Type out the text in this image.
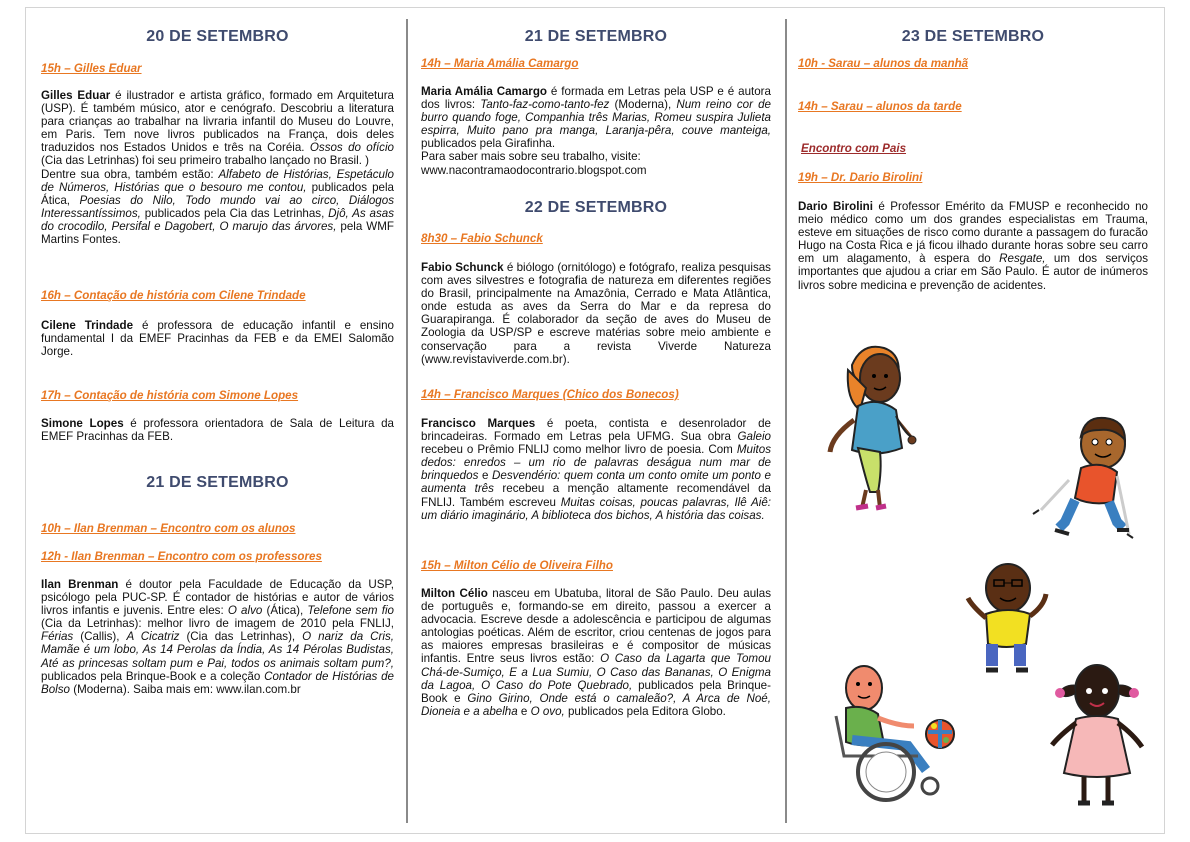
20 DE SETEMBRO
15h – Gilles Eduar
Gilles Eduar é ilustrador e artista gráfico, formado em Arquitetura (USP). É também músico, ator e cenógrafo. Descobriu a literatura para crianças ao trabalhar na livraria infantil do Museu do Louvre, em Paris. Tem nove livros publicados na França, dois deles traduzidos nos Estados Unidos e três na Coréia. Ossos do ofício (Cia das Letrinhas) foi seu primeiro trabalho lançado no Brasil. )
Dentre sua obra, também estão: Alfabeto de Histórias, Espetáculo de Números, Histórias que o besouro me contou, publicados pela Ática, Poesias do Nilo, Todo mundo vai ao circo, Diálogos Interessantíssimos, publicados pela Cia das Letrinhas, Djô, As asas do crocodilo, Persifal e Dagobert, O marujo das árvores, pela WMF Martins Fontes.
16h – Contação de história com Cilene Trindade
Cilene Trindade é professora de educação infantil e ensino fundamental I da EMEF Pracinhas da FEB e da EMEI Salomão Jorge.
17h – Contação de história com Simone Lopes
Simone Lopes é professora orientadora de Sala de Leitura da EMEF Pracinhas da FEB.
21 DE SETEMBRO
10h – Ilan Brenman – Encontro com os alunos
12h - Ilan Brenman – Encontro com os professores
Ilan Brenman é doutor pela Faculdade de Educação da USP, psicólogo pela PUC-SP. É contador de histórias e autor de vários livros infantis e juvenis. Entre eles: O alvo (Ática), Telefone sem fio (Cia da Letrinhas): melhor livro de imagem de 2010 pela FNLIJ, Férias (Callis), A Cicatriz (Cia das Letrinhas), O nariz da Cris, Mamãe é um lobo, As 14 Perolas da Índia, As 14 Pérolas Budistas, Até as princesas soltam pum e Pai, todos os animais soltam pum?, publicados pela Brinque-Book e a coleção Contador de Histórias de Bolso (Moderna). Saiba mais em: www.ilan.com.br
21 DE SETEMBRO
14h – Maria Amália Camargo
Maria Amália Camargo é formada em Letras pela USP e é autora dos livros: Tanto-faz-como-tanto-fez (Moderna), Num reino cor de burro quando foge, Companhia três Marias, Romeu suspira Julieta espirra, Muito pano pra manga, Laranja-pêra, couve manteiga, publicados pela Girafinha.
Para saber mais sobre seu trabalho, visite:
www.nacontramaodocontrario.blogspot.com
22 DE SETEMBRO
8h30 – Fabio Schunck
Fabio Schunck é biólogo (ornitólogo) e fotógrafo, realiza pesquisas com aves silvestres e fotografia de natureza em diferentes regiões do Brasil, principalmente na Amazônia, Cerrado e Mata Atlântica, onde estuda as aves da Serra do Mar e da represa do Guarapiranga. É colaborador da seção de aves do Museu de Zoologia da USP/SP e escreve matérias sobre meio ambiente e conservação para a revista Viverde Natureza (www.revistaviverde.com.br).
14h – Francisco Marques (Chico dos Bonecos)
Francisco Marques é poeta, contista e desenrolador de brincadeiras. Formado em Letras pela UFMG. Sua obra Galeio recebeu o Prêmio FNLIJ como melhor livro de poesia. Com Muitos dedos: enredos – um rio de palavras deságua num mar de brinquedos e Desvendério: quem conta um conto omite um ponto e aumenta três recebeu a menção altamente recomendável da FNLIJ. Também escreveu Muitas coisas, poucas palavras, Ilê Aiê: um diário imaginário, A biblioteca dos bichos, A história das coisas.
15h – Milton Célio de Oliveira Filho
Milton Célio nasceu em Ubatuba, litoral de São Paulo. Deu aulas de português e, formando-se em direito, passou a exercer a advocacia. Escreve desde a adolescência e participou de algumas antologias poéticas. Além de escritor, criou centenas de jogos para as maiores empresas brasileiras e é compositor de músicas infantis. Entre seus livros estão: O Caso da Lagarta que Tomou Chá-de-Sumiço, E a Lua Sumiu, O Caso das Bananas, O Enigma da Lagoa, O Caso do Pote Quebrado, publicados pela Brinque-Book e Gino Girino, Onde está o camaleão?, A Arca de Noé, Dioneia e a abelha e O ovo, publicados pela Editora Globo.
23 DE SETEMBRO
10h - Sarau – alunos da manhã
14h – Sarau – alunos da tarde
Encontro com Pais
19h – Dr. Dario Birolini
Dario Birolini é Professor Emérito da FMUSP e reconhecido no meio médico como um dos grandes especialistas em Trauma, esteve em situações de risco como durante a passagem do furacão Hugo na Costa Rica e já ficou ilhado durante horas sobre seu carro em um alagamento, à espera do Resgate, um dos serviços importantes que ajudou a criar em São Paulo. É autor de inúmeros livros sobre medicina e prevenção de acidentes.
